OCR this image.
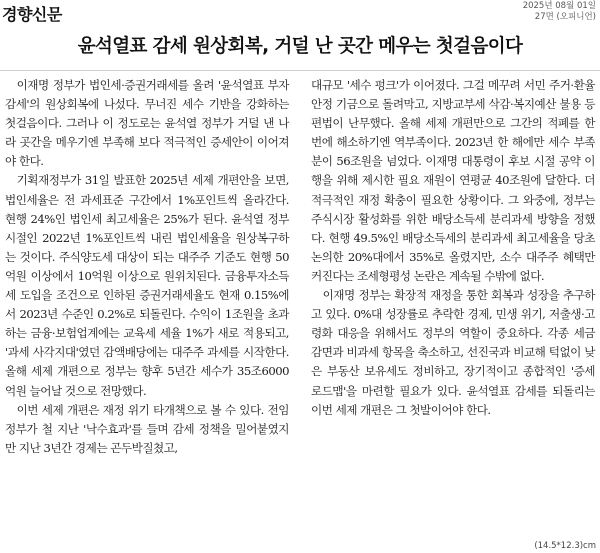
경향신문	2025년 08월 01일
27면 (오피니언)
윤석열표 감세 원상회복, 거덜 난 곳간 메우는 첫걸음이다

이재명 정부가 법인세·증권거래세를 올려 '윤석열표 부자 감세'의 원상회복에 나섰다. 무너진 세수 기반을 강화하는 첫걸음이다. 그러나 이 정도로는 윤석열 정부가 거덜 낸 나라 곳간을 메우기엔 부족해 보다 적극적인 증세안이 이어져야 한다.

기획재정부가 31일 발표한 2025년 세제 개편안을 보면, 법인세율은 전 과세표준 구간에서 1%포인트씩 올라간다. 현행 24%인 법인세 최고세율은 25%가 된다. 윤석열 정부 시절인 2022년 1%포인트씩 내린 법인세율을 원상복구하는 것이다. 주식양도세 대상이 되는 대주주 기준도 현행 50억원 이상에서 10억원 이상으로 원위치된다. 금융투자소득세 도입을 조건으로 인하된 증권거래세율도 현재 0.15%에서 2023년 수준인 0.2%로 되돌린다. 수익이 1조원을 초과하는 금융·보험업계에는 교육세 세율 1%가 새로 적용되고, '과세 사각지대'였던 감액배당에는 대주주 과세를 시작한다. 올해 세제 개편으로 정부는 향후 5년간 세수가 35조6000억원 늘어날 것으로 전망했다.

이번 세제 개편은 재정 위기 타개책으로 볼 수 있다. 전임 정부가 철 지난 '낙수효과'를 들며 감세 정책을 밀어붙였지만 지난 3년간 경제는 곤두박질쳤고,

대규모 '세수 펑크'가 이어졌다. 그걸 메꾸려 서민 주거·환율안정 기금으로 돌려막고, 지방교부세 삭감·복지예산 불용 등 편법이 난무했다. 올해 세제 개편만으로 그간의 적폐를 한 번에 해소하기엔 역부족이다. 2023년 한 해에만 세수 부족분이 56조원을 넘었다. 이재명 대통령이 후보 시절 공약 이행을 위해 제시한 필요 재원이 연평균 40조원에 달한다. 더 적극적인 재정 확충이 필요한 상황이다. 그 와중에, 정부는 주식시장 활성화를 위한 배당소득세 분리과세 방향을 정했다. 현행 49.5%인 배당소득세의 분리과세 최고세율을 당초 논의한 20%대에서 35%로 올렸지만, 소수 대주주 혜택만 커진다는 조세형평성 논란은 계속될 수밖에 없다.

이재명 정부는 확장적 재정을 통한 회복과 성장을 추구하고 있다. 0%대 성장률로 추락한 경제, 민생 위기, 저출생·고령화 대응을 위해서도 정부의 역할이 중요하다. 각종 세금 감면과 비과세 항목을 축소하고, 선진국과 비교해 턱없이 낮은 부동산 보유세도 정비하고, 장기적이고 종합적인 '증세 로드맵'을 마련할 필요가 있다. 윤석열표 감세를 되돌리는 이번 세제 개편은 그 첫발이어야 한다.

(14.5*12.3)cm
